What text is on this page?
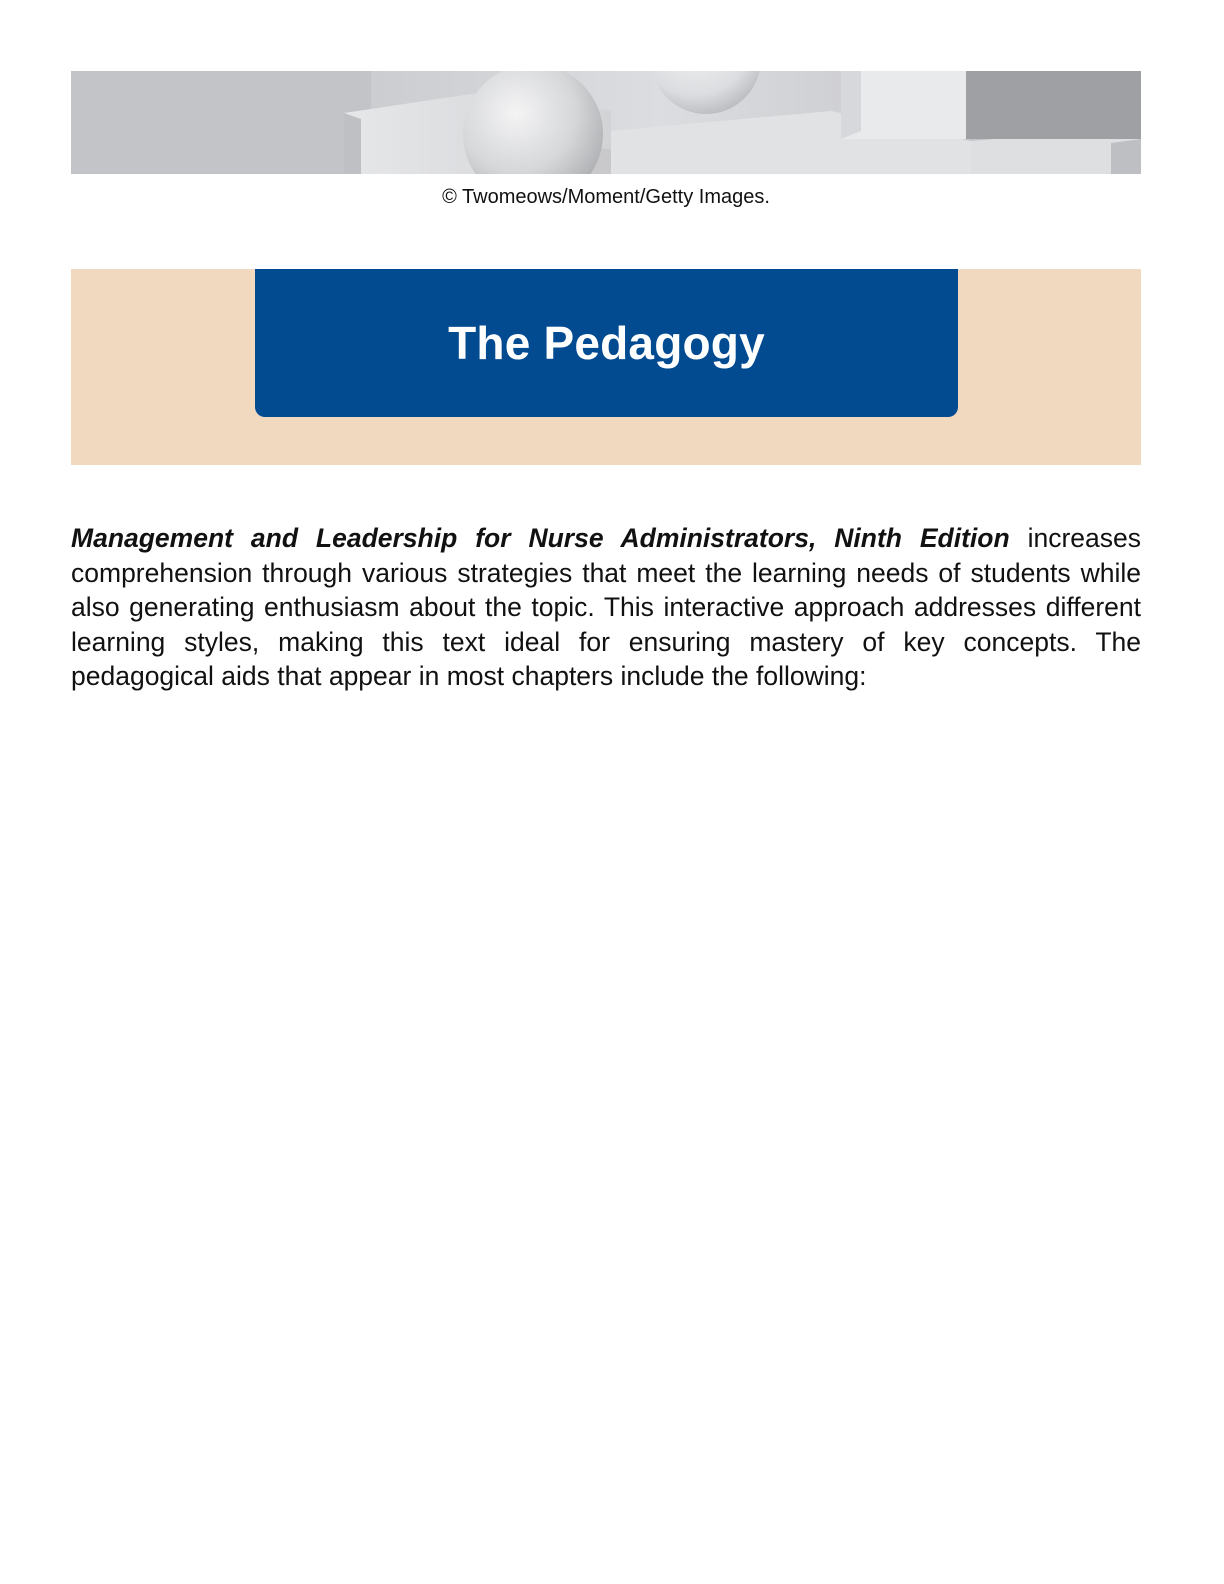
© Twomeows/Moment/Getty Images.
The Pedagogy

Management and Leadership for Nurse Administrators, Ninth Edition increases comprehension through various strategies that meet the learning needs of students while also generating enthusiasm about the topic. This interactive approach addresses different learning styles, making this text ideal for ensuring mastery of key concepts. The pedagogical aids that appear in most chapters include the following:
